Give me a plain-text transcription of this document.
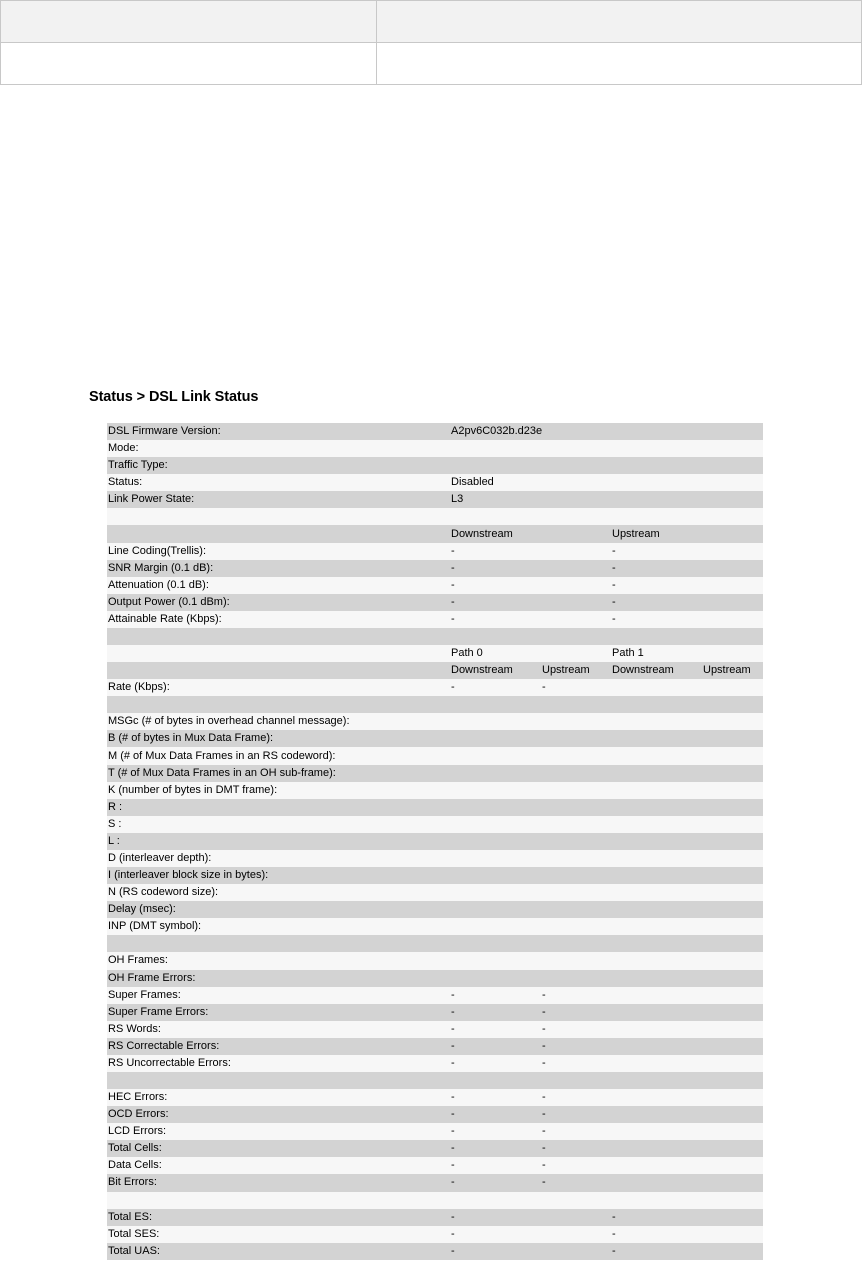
Status > DSL Link Status
DSL Firmware Version:	A2pv6C032b.d23e			
Mode:				
Traffic Type:				
Status:	Disabled			
Link Power State:	L3			

	Downstream		Upstream	
Line Coding(Trellis):	-		-	
SNR Margin (0.1 dB):	-		-	
Attenuation (0.1 dB):	-		-	
Output Power (0.1 dBm):	-		-	
Attainable Rate (Kbps):	-		-	

	Path 0		Path 1	
	Downstream	Upstream	Downstream	Upstream
Rate (Kbps):	-	-		

MSGc (# of bytes in overhead channel message):				
B (# of bytes in Mux Data Frame):				
M (# of Mux Data Frames in an RS codeword):				
T (# of Mux Data Frames in an OH sub-frame):				
K (number of bytes in DMT frame):				
R :				
S :				
L :				
D (interleaver depth):				
I (interleaver block size in bytes):				
N (RS codeword size):				
Delay (msec):				
INP (DMT symbol):				

OH Frames:				
OH Frame Errors:				
Super Frames:	-	-		
Super Frame Errors:	-	-		
RS Words:	-	-		
RS Correctable Errors:	-	-		
RS Uncorrectable Errors:	-	-		

HEC Errors:	-	-		
OCD Errors:	-	-		
LCD Errors:	-	-		
Total Cells:	-	-		
Data Cells:	-	-		
Bit Errors:	-	-		

Total ES:	-		-	
Total SES:	-		-	
Total UAS:	-		-	
